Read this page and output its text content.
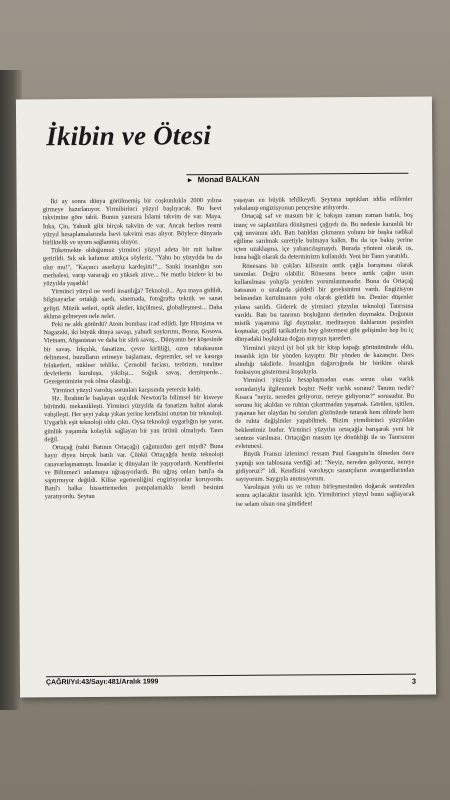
İkibin ve Ötesi
► Monad BALKAN

İki ay sonra dünya görülmemiş bir coşkunlukla 2000 yılına girmeye hazırlanıyor. Yirmibirinci yüzyıl başlıyacak. Bu İsevi takvimine göre tabii. Bunun yanısıra İslami takvim de var. Maya, İnka, Çin, Yahudi gibi birçok takvim de var. Ancak herkes resmi yüzyıl hesaplamalarında İsevi takvimi esas alıyor. Böylece dünyada birliktelik ve uyum sağlanmış oluyor.

Tüketmekte olduğumuz yirminci yüzyıl adeta bir mit haline getirildi. Sık sık kafamız attıkça söyleriz, "Yahu bu yüzyılda bu da olur mu!", "Kaçıncı asırdayız kardeşim!"... Sanki insanlığın son merhalesi, varıp varacağı en yüksek zirve... Ne mutlu bizlere ki bu yüzyılda yaşadık!

Yirminci yüzyıl ne verdi insanlığa? Teknoloji... Aya maya gidildi, bilgisayarlar ortalığı sardı, sinemada, fotoğrafta teknik ve sanat gelişti. Müzik setleri, optik aletler, küçülmesi, globalleşmesi... Daha aklıma gelmeyen nele neler.

Peki ne aldı götürdü? Atom bombası icad edildi. İşte Hiroşima ve Nagazaki, iki büyük dünya savaşı, yahudi soykırımı, Bosna, Kosova, Vietnam, Afganistan ve daha bir sürü savaş... Dünyanın her köşesinde bir savaş. Irkçılık, fanatizm, çevre kirliliği, ozon tabakasının delinmesi, buzulların erimeye başlaması, depremler, sel ve kasırga felaketleri, nükleer tehlike, Çernobil faciası, terörizm, totaliter devletlerin kuruluşu, yıkılışı... Soğuk savaş, demirperde... Gezegenimizin yok olma olasılığı.

Yirminci yüzyıl varoluş sorunları karşısında yetersiz kaldı.

Hz. İbrahim'le başlayan uşçuluk Newton'la bilimsel bir kisveye büründü. mekanikleşti. Yirminci yüzyılda da fanatizm halini alarak vahşileşti. Her şeyi yakıp yıkan yerine kendisini oturtan bir teknoloji. Uygarlık eşit teknoloji oldu çıktı. Oysa teknoloji uygarlığın işe yarar, günlük yaşamda kolaylık sağlayan bir yan ürünü olmalıydı. Tanrı değil.

Ortaçağ (tabii Batının Ortaçağı) çağımızdan geri miydi? Buna hayır diyen birçok batılı var. Çünkü Ortaçağda henüz teknoloji canavarlaşmamıştı. İnsanlar iç dünyaları ile yaşıyorlardı. Kendilerini ve Bilinmez'i anlamaya uğraşıyorlardı. Bu uğraş onları batıl'a da saptırmıyor değildi. Kilise egemenliğini engizisyonlar koruyordu. Batıl'ı halka hissettirmeden pompalamakla kendi besinini yaratıyordu. Şeytan

yaşayan en büyük tehlikeydi. Şeytana taptıkları iddia edilenler yakalanıp engizisyonun pençesine atılıyordu.

Ortaçağ saf ve masum bir iç bakışın zaman zaman batıla, boş inanç ve saplantılara dönüşmesi çağıydı da. Bu nedenle karanlık bir çağ unvanını aldı. Batı batıldan çıkmanın yolunu bir başka radikal eğilime sarılmak suretiyle bulmaya kalktı. Bu da içe bakış yerine içten uzaklaşma, içe yabancılaşmaydı. Burada yönteni olarak us, buna bağlı olarak da determinizm kullanıldı. Yeni bir Tanrı yaratıldı.

Rönesans bir çokları kilisenin antik çağla barışması olarak tanımlar. Doğru olabilir. Rönesans bence antik çağın usun kullanılması yoluyla yeniden yorumlanmasıdır. Buna da Ortaçağ batısının o sıralarda şiddetli bir gereksinimi vardı. Engizisyon belasından kurtulmanın yolu olarak görüldü bu. Denize düşenler yılana sarıldı. Giderek de yirminci yüzyılın teknoloji Tanrısına varıldı. Batı bu tanrının boşluğunu derinden duymakta. Doğunun mistik yaşamına ilgi duymalar, meditasyon ilahlarının peşinden koşmalar, çeşitli tarikatlerin boy göstermesi gibi gelişimler hep bu iç dünyadaki boşluktan doğan arayışın işaretleri.

Yirminci yüzyıl iyi bol şık bir kitap kapağı görünümünde oldu, insanlık için bir yönden kayıptır. Bir yönden de kazançtır. Ders alındığı takdirde. İnsanlığın dağarcığında bir birikim olarak fonksiyon göstermesi koşuluyla.

Yirminci yüzyıla hesaplaşmadan esas sorun olan varlık sorunlarıyla ilgilenmek boştur. Nedir varlık sorunu? Tanımı nedir? Kısaca "neyiz, nereden geliyoruz, nereye gidiyoruz?" sorusudur. Bu sorunu hiç akıldan ve ruhtan çıkartmadan yaşamak. Görülen, işitilen, yaşanan her olaydan bu soruları gözönünde tutarak hem zihinde hem de ruhta değişimler yapabilmek. Bizim yirmibirinci yüzyıldan beklentimiz budur. Yirminci yüzyılın ortaçağla barışarak yeni bir senteze varılması. Ortaçağın masum içe dönükliği ile us Tanrısının evlenmesi.

Büyük Fransız izlenimci ressam Paul Gauguin'in ölmeden önce yaptığı son tablosuna verdiği ad: "Neyiz, nereden geliyoruz, nereye gidiyoruz?" idi. Kendisini varoluşçu sanatçıların avangardlarından sayıyorum. Saygıyla anımsıyorum.

Varoluşun yolu us ve ruhun birleşmesinden doğacak sentezden sonra açılacaktır insanlık için. Yirmibirinci yüzyıl bunu sağlayacak ise selam olsun ona şimdiden!

ÇAĞRI/Yıl:43/Sayı:481/Aralık 1999	3
